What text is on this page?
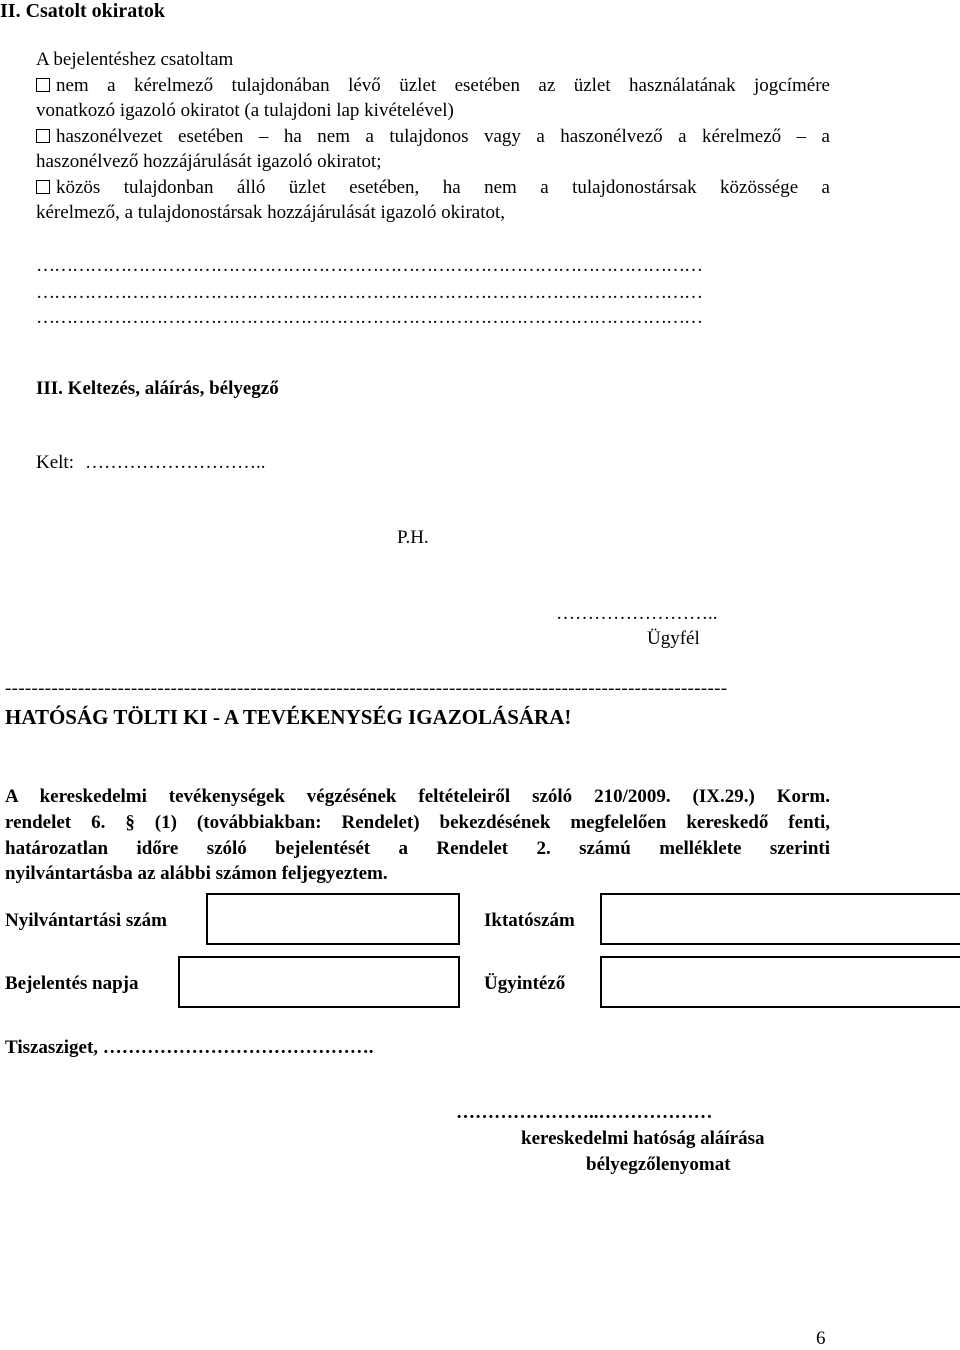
II. Csatolt okiratok
A bejelentéshez csatoltam
nem a kérelmező tulajdonában lévő üzlet esetében az üzlet használatának jogcímére
vonatkozó igazoló okiratot (a tulajdoni lap kivételével)
haszonélvezet esetében – ha nem a tulajdonos vagy a haszonélvező a kérelmező – a
haszonélvező hozzájárulását igazoló okiratot;
közös tulajdonban álló üzlet esetében, ha nem a tulajdonostársak közössége a
kérelmező, a tulajdonostársak hozzájárulását igazoló okiratot,
…………………………………………………………………………………………………
…………………………………………………………………………………………………
…………………………………………………………………………………………………
III. Keltezés, aláírás, bélyegző
Kelt: ………………………..
P.H.
……………………..
Ügyfél
-------------------------------------------------------------------------------------------------------------
HATÓSÁG TÖLTI KI - A TEVÉKENYSÉG IGAZOLÁSÁRA!
A kereskedelmi tevékenységek végzésének feltételeiről szóló 210/2009. (IX.29.) Korm.
rendelet 6. § (1) (továbbiakban: Rendelet) bekezdésének megfelelően kereskedő fenti,
határozatlan időre szóló bejelentését a Rendelet 2. számú melléklete szerinti
nyilvántartásba az alábbi számon feljegyeztem.
Nyilvántartási szám	Iktatószám
Bejelentés napja	Ügyintéző
Tiszasziget, …………………………………….
…………………..………………
kereskedelmi hatóság aláírása
bélyegzőlenyomat
6
